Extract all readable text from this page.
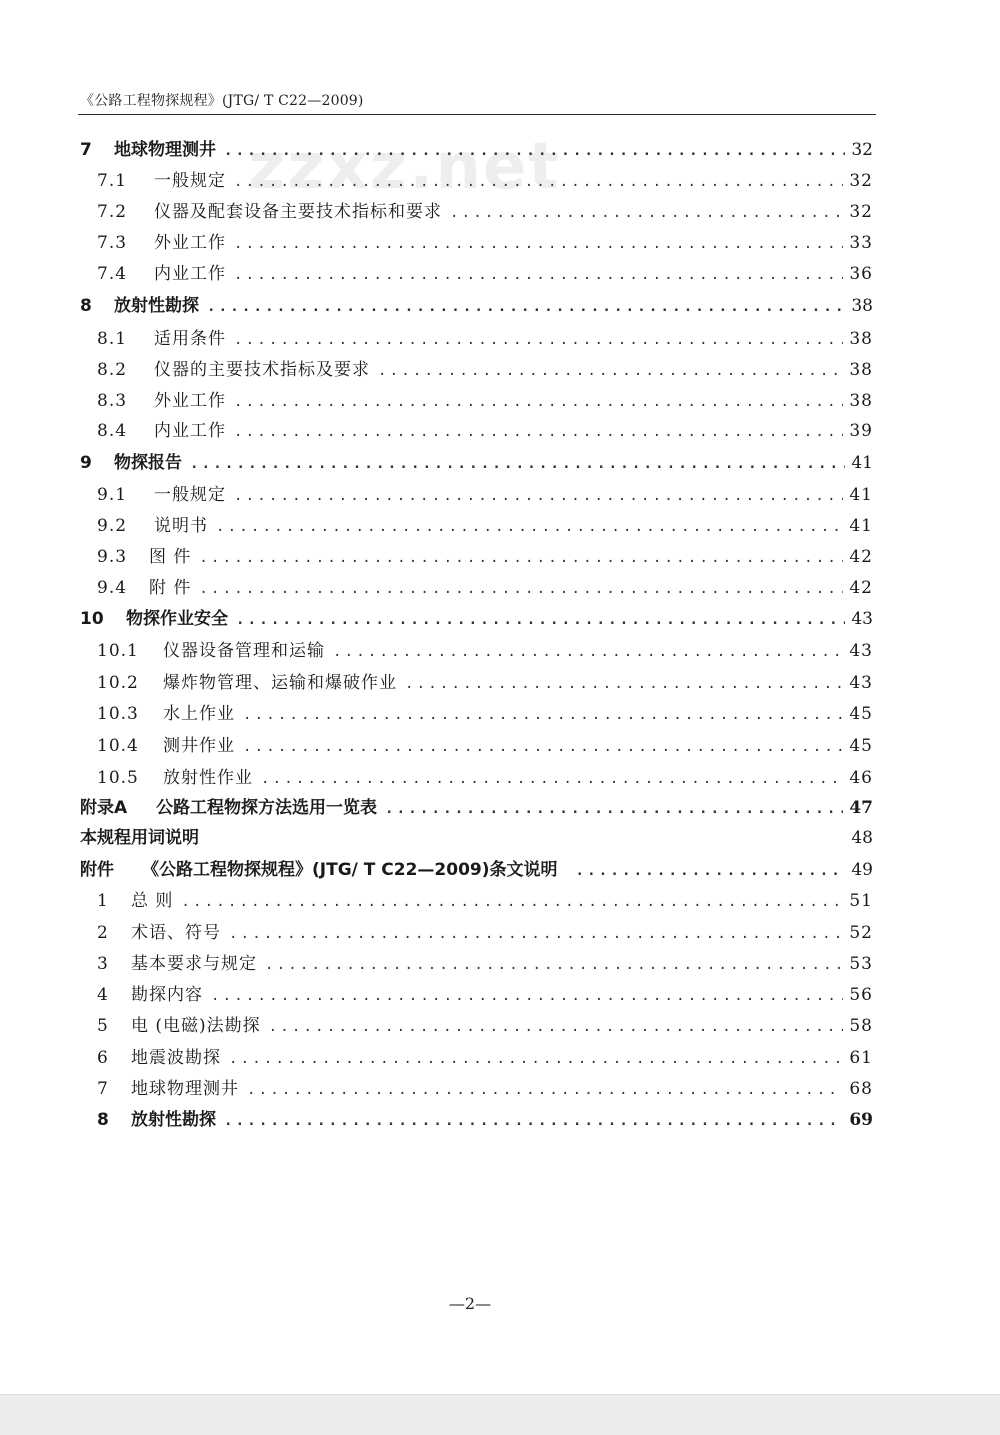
《公路工程物探规程》(JTG/ T C22—2009)
zzxz.net
7	地球物理测井 .....	32
7.1	一般规定 .....	32
7.2	仪器及配套设备主要技术指标和要求 .....	32
7.3	外业工作 .....	33
7.4	内业工作 .....	36
8	放射性勘探 .....	38
8.1	适用条件 .....	38
8.2	仪器的主要技术指标及要求 .....	38
8.3	外业工作 .....	38
8.4	内业工作 .....	39
9	物探报告 .....	41
9.1	一般规定 .....	41
9.2	说明书 .....	41
9.3	图 件 .....	42
9.4	附 件 .....	42
10	物探作业安全 .....	43
10.1	仪器设备管理和运输 .....	43
10.2	爆炸物管理、运输和爆破作业 .....	43
10.3	水上作业 .....	45
10.4	测井作业 .....	45
10.5	放射性作业 .....	46
附录A	公路工程物探方法选用一览表 .....	47
本规程用词说明	48
附件	《公路工程物探规程》(JTG/ T C22—2009)条文说明 .....	49
1	总 则 .....	51
2	术语、符号 .....	52
3	基本要求与规定 .....	53
4	勘探内容 .....	56
5	电 (电磁)法勘探 .....	58
6	地震波勘探 .....	61
7	地球物理测井 .....	68
8	放射性勘探 .....	69
—2—
